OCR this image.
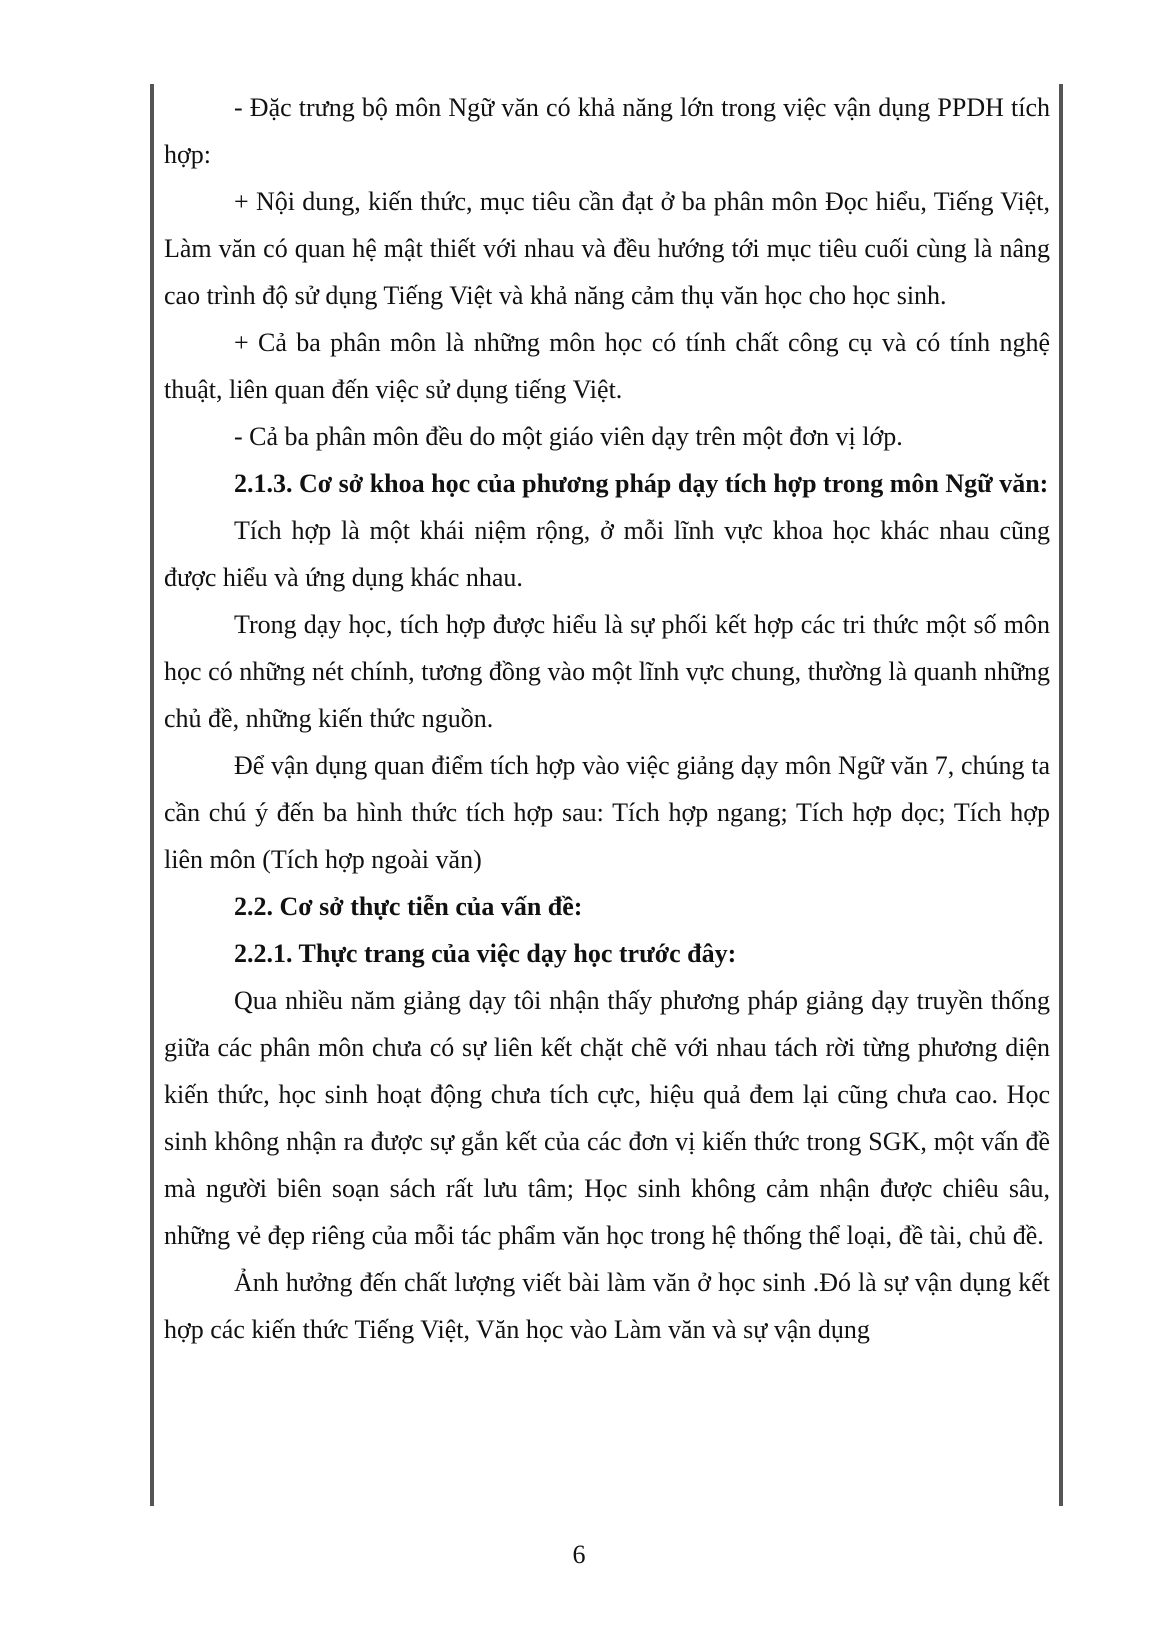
- Đặc trưng bộ môn Ngữ văn có khả năng lớn trong việc vận dụng PPDH tích hợp:

+ Nội dung, kiến thức, mục tiêu cần đạt ở ba phân môn Đọc hiểu, Tiếng Việt, Làm văn có quan hệ mật thiết với nhau và đều hướng tới mục tiêu cuối cùng là nâng cao trình độ sử dụng Tiếng Việt và khả năng cảm thụ văn học cho học sinh.

+ Cả ba phân môn là những môn học có tính chất công cụ và có tính nghệ thuật, liên quan đến việc sử dụng tiếng Việt.

- Cả ba phân môn đều do một giáo viên dạy trên một đơn vị lớp.

2.1.3. Cơ sở khoa học của phương pháp dạy tích hợp trong môn Ngữ văn:

Tích hợp là một khái niệm rộng, ở mỗi lĩnh vực khoa học khác nhau cũng được hiểu và ứng dụng khác nhau.

Trong dạy học, tích hợp được hiểu là sự phối kết hợp các tri thức một số môn học có những nét chính, tương đồng vào một lĩnh vực chung, thường là quanh những chủ đề, những kiến thức nguồn.

Để vận dụng quan điểm tích hợp vào việc giảng dạy môn Ngữ văn 7, chúng ta cần chú ý đến ba hình thức tích hợp sau: Tích hợp ngang; Tích hợp dọc; Tích hợp liên môn (Tích hợp ngoài văn)

2.2. Cơ sở thực tiễn của vấn đề:

2.2.1. Thực trang của việc dạy học trước đây:

Qua nhiều năm giảng dạy tôi nhận thấy phương pháp giảng dạy truyền thống giữa các phân môn chưa có sự liên kết chặt chẽ với nhau tách rời từng phương diện kiến thức, học sinh hoạt động chưa tích cực, hiệu quả đem lại cũng chưa cao. Học sinh không nhận ra được sự gắn kết của các đơn vị kiến thức trong SGK, một vấn đề mà người biên soạn sách rất lưu tâm; Học sinh không cảm nhận được chiêu sâu, những vẻ đẹp riêng của mỗi tác phẩm văn học trong hệ thống thể loại, đề tài, chủ đề.

Ảnh hưởng đến chất lượng viết bài làm văn ở học sinh .Đó là sự vận dụng kết hợp các kiến thức Tiếng Việt, Văn học vào Làm văn và sự vận dụng

6
